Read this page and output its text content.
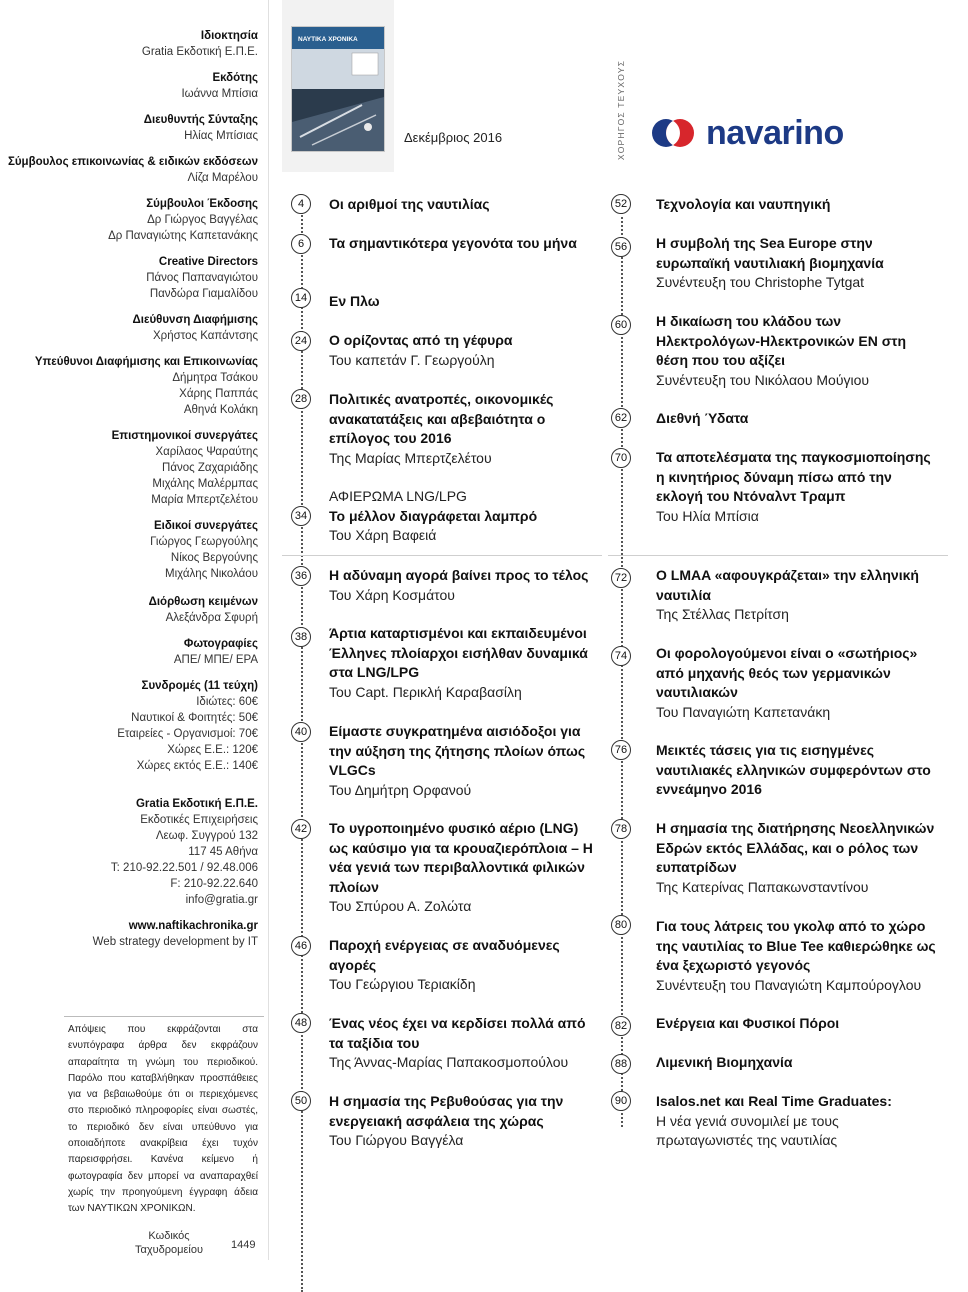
Ιδιοκτησία
Gratia Εκδοτική Ε.Π.Ε.
Εκδότης
Ιωάννα Μπίσια
Διευθυντής Σύνταξης
Ηλίας Μπίσιας
Σύμβουλος επικοινωνίας & ειδικών εκδόσεων
Λίζα Μαρέλου
Σύμβουλοι Έκδοσης
Δρ Γιώργος Βαγγέλας
Δρ Παναγιώτης Καπετανάκης
Creative Directors
Πάνος Παπαναγιώτου
Πανδώρα Γιαμαλίδου
Διεύθυνση Διαφήμισης
Χρήστος Καπάντσης
Υπεύθυνοι Διαφήμισης και Επικοινωνίας
Δήμητρα Τσάκου
Χάρης Παππάς
Αθηνά Κολάκη
Επιστημονικοί συνεργάτες
Χαρίλαος Ψαραύτης
Πάνος Ζαχαριάδης
Μιχάλης Μαλέρμπας
Μαρία Μπερτζελέτου
Ειδικοί συνεργάτες
Γιώργος Γεωργούλης
Νίκος Βεργούνης
Μιχάλης Νικολάου
Διόρθωση κειμένων
Αλεξάνδρα Σφυρή
Φωτογραφίες
ΑΠΕ/ ΜΠΕ/ EPA
Συνδρομές (11 τεύχη)
Ιδιώτες: 60€
Ναυτικοί & Φοιτητές: 50€
Εταιρείες - Οργανισμοί: 70€
Χώρες Ε.Ε.: 120€
Χώρες εκτός Ε.Ε.: 140€
Gratia Εκδοτική Ε.Π.Ε.
Εκδοτικές Επιχειρήσεις
Λεωφ. Συγγρού 132
117 45 Αθήνα
T: 210-92.22.501 / 92.48.006
F: 210-92.22.640
info@gratia.gr
www.naftikachronika.gr
Web strategy development by IT
Απόψεις που εκφράζονται στα ενυπόγραφα άρθρα δεν εκφράζουν απαραίτητα τη γνώμη του περιοδικού. Παρόλο που καταβλήθηκαν προσπάθειες για να βεβαιωθούμε ότι οι περιεχόμενες στο περιοδικό πληροφορίες είναι σωστές, το περιοδικό δεν είναι υπεύθυνο για οποιαδήποτε ανακρίβεια έχει τυχόν παρεισφρήσει. Κανένα κείμενο ή φωτογραφία δεν μπορεί να αναπαραχθεί χωρίς την προηγούμενη έγγραφη άδεια των ΝΑΥΤΙΚΩΝ ΧΡΟΝΙΚΩΝ.
Κωδικός Ταχυδρομείου	1449
ΝΑΥΤΙΚΑ ΧΡΟΝΙΚΑ
Δεκέμβριος 2016	ΧΟΡΗΓΟΣ ΤΕΥΧΟΥΣ navarino
4	Οι αριθμοί της ναυτιλίας
6	Τα σημαντικότερα γεγονότα του μήνα
14 Εν Πλω
24 Ο ορίζοντας από τη γέφυρα
Του καπετάν Γ. Γεωργούλη
28 Πολιτικές ανατροπές, οικονομικές ανακατατάξεις και αβεβαιότητα ο επίλογος του 2016
Της Μαρίας Μπερτζελέτου
34
ΑΦΙΕΡΩΜΑ LNG/LPG
Το μέλλον διαγράφεται λαμπρό
Του Χάρη Βαφειά
36 Η αδύναμη αγορά βαίνει προς το τέλος
Του Χάρη Κοσμάτου
38 Άρτια καταρτισμένοι και εκπαιδευμένοι Έλληνες πλοίαρχοι εισήλθαν δυναμικά στα LNG/LPG
Του Capt. Περικλή Καραβασίλη
40 Είμαστε συγκρατημένα αισιόδοξοι για την αύξηση της ζήτησης πλοίων όπως VLGCs
Του Δημήτρη Ορφανού
42 Το υγροποιημένο φυσικό αέριο (LNG) ως καύσιμο για τα κρουαζιερόπλοια – Η νέα γενιά των περιβαλλοντικά φιλικών πλοίων
Του Σπύρου Α. Ζολώτα
46 Παροχή ενέργειας σε αναδυόμενες αγορές
Του Γεώργιου Τεριακίδη
48 Ένας νέος έχει να κερδίσει πολλά από τα ταξίδια του
Της Άννας-Μαρίας Παπακοσμοπούλου
50 Η σημασία της Ρεβυθούσας για την ενεργειακή ασφάλεια της χώρας
Του Γιώργου Βαγγέλα
52 Τεχνολογία και ναυπηγική
56 Η συμβολή της Sea Europe στην ευρωπαϊκή ναυτιλιακή βιομηχανία
Συνέντευξη του Christophe Tytgat
60 Η δικαίωση του κλάδου των Ηλεκτρολόγων-Ηλεκτρονικών ΕΝ στη θέση που του αξίζει
Συνέντευξη του Νικόλαου Μούγιου
62 Διεθνή Ύδατα
70 Τα αποτελέσματα της παγκοσμιοποίησης η κινητήριος δύναμη πίσω από την εκλογή του Ντόναλντ Τραμπ
Του Ηλία Μπίσια
72 Ο LMAA «αφουγκράζεται» την ελληνική ναυτιλία
Της Στέλλας Πετρίτση
74 Οι φορολογούμενοι είναι ο «σωτήριος» από μηχανής θεός των γερμανικών ναυτιλιακών
Του Παναγιώτη Καπετανάκη
76 Μεικτές τάσεις για τις εισηγμένες ναυτιλιακές ελληνικών συμφερόντων στο εννεάμηνο 2016
78 Η σημασία της διατήρησης Νεοελληνικών Εδρών εκτός Ελλάδας, και ο ρόλος των ευπατρίδων
Της Κατερίνας Παπακωνσταντίνου
80 Για τους λάτρεις του γκολφ από το χώρο της ναυτιλίας το Blue Tee καθιερώθηκε ως ένα ξεχωριστό γεγονός
Συνέντευξη του Παναγιώτη Καμπούρογλου
82 Ενέργεια και Φυσικοί Πόροι
88 Λιμενική Βιομηχανία
90 Isalos.net και Real Time Graduates:
Η νέα γενιά συνομιλεί με τους πρωταγωνιστές της ναυτιλίας
